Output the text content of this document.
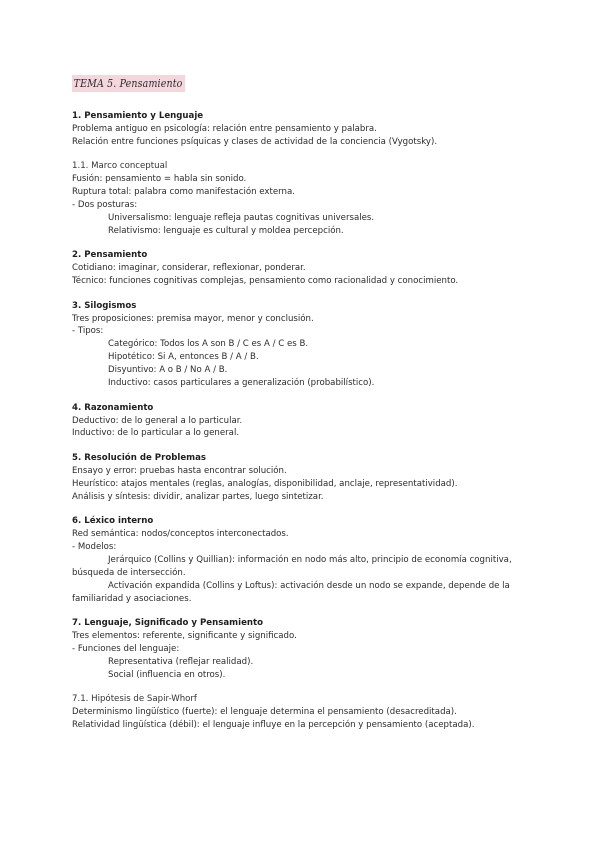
TEMA 5. Pensamiento
1. Pensamiento y Lenguaje
Problema antiguo en psicología: relación entre pensamiento y palabra.
Relación entre funciones psíquicas y clases de actividad de la conciencia (Vygotsky).
1.1. Marco conceptual
Fusión: pensamiento = habla sin sonido.
Ruptura total: palabra como manifestación externa.
- Dos posturas:
Universalismo: lenguaje refleja pautas cognitivas universales.
Relativismo: lenguaje es cultural y moldea percepción.
2. Pensamiento
Cotidiano: imaginar, considerar, reflexionar, ponderar.
Técnico: funciones cognitivas complejas, pensamiento como racionalidad y conocimiento.
3. Silogismos
Tres proposiciones: premisa mayor, menor y conclusión.
- Tipos:
Categórico: Todos los A son B / C es A / C es B.
Hipotético: Si A, entonces B / A / B.
Disyuntivo: A o B / No A / B.
Inductivo: casos particulares a generalización (probabilístico).
4. Razonamiento
Deductivo: de lo general a lo particular.
Inductivo: de lo particular a lo general.
5. Resolución de Problemas
Ensayo y error: pruebas hasta encontrar solución.
Heurístico: atajos mentales (reglas, analogías, disponibilidad, anclaje, representatividad).
Análisis y síntesis: dividir, analizar partes, luego sintetizar.
6. Léxico interno
Red semántica: nodos/conceptos interconectados.
- Modelos:
Jerárquico (Collins y Quillian): información en nodo más alto, principio de economía cognitiva, búsqueda de intersección.
Activación expandida (Collins y Loftus): activación desde un nodo se expande, depende de la familiaridad y asociaciones.
7. Lenguaje, Significado y Pensamiento
Tres elementos: referente, significante y significado.
- Funciones del lenguaje:
Representativa (reflejar realidad).
Social (influencia en otros).
7.1. Hipótesis de Sapir-Whorf
Determinismo lingüístico (fuerte): el lenguaje determina el pensamiento (desacreditada).
Relatividad lingüística (débil): el lenguaje influye en la percepción y pensamiento (aceptada).
